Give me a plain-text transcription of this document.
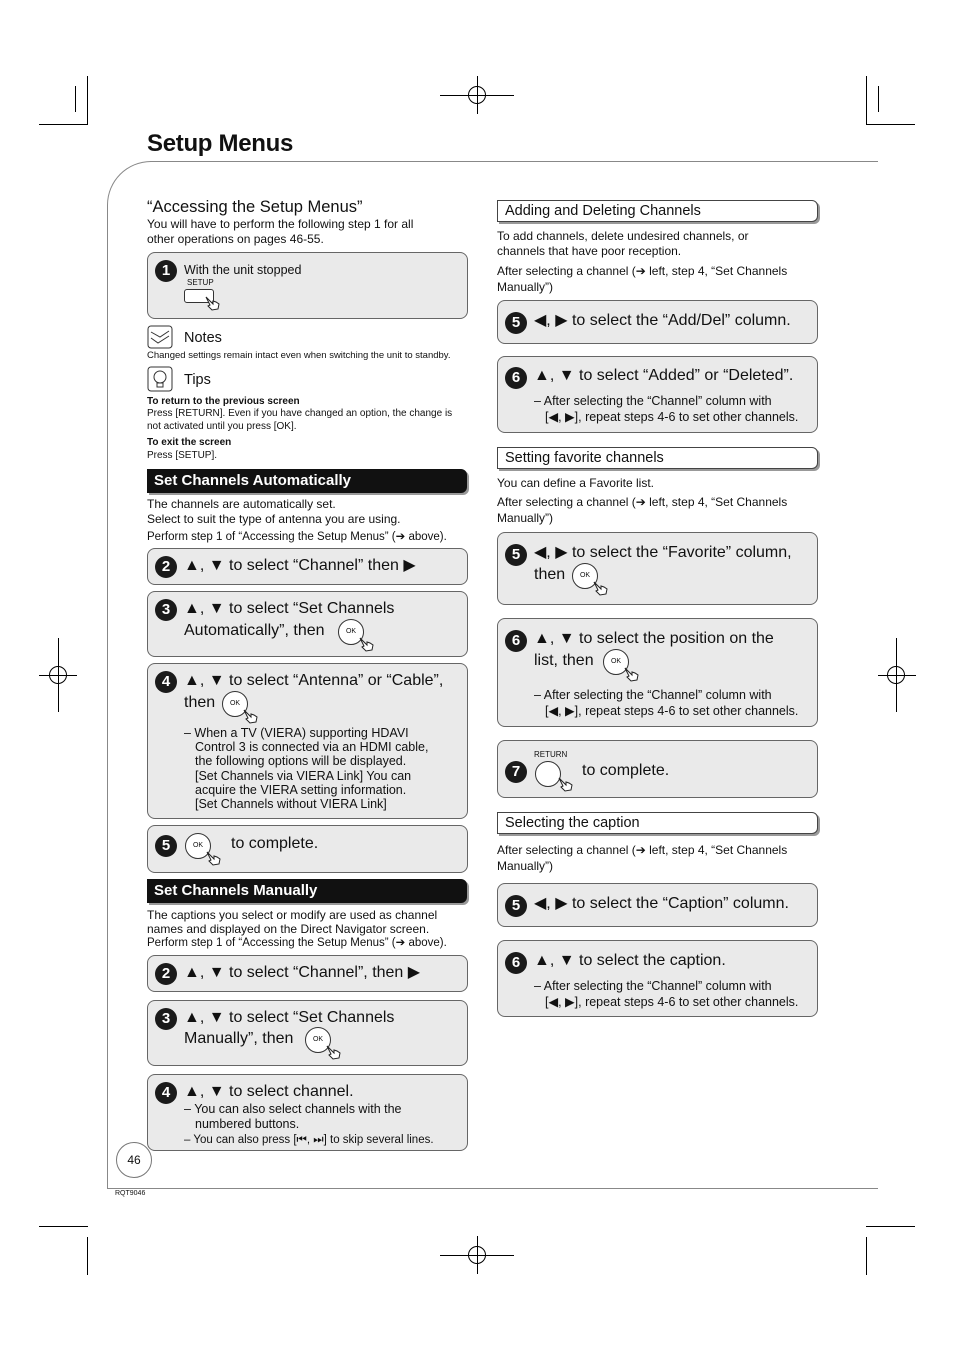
Setup Menus
“Accessing the Setup Menus”
You will have to perform the following step 1 for all
other operations on pages 46-55.
1	With the unit stopped
SETUP
Notes
Changed settings remain intact even when switching the unit to standby.
Tips
To return to the previous screen
Press [RETURN]. Even if you have changed an option, the change is
not activated until you press [OK].
To exit the screen
Press [SETUP].
Set Channels Automatically
The channels are automatically set.
Select to suit the type of antenna you are using.
Perform step 1 of “Accessing the Setup Menus” (➔ above).
2 ▲, ▼ to select “Channel” then ▶
3 ▲, ▼ to select “Set Channels
Automatically”, then	OK
4 ▲, ▼ to select “Antenna” or “Cable”,
then	OK
– When a TV (VIERA) supporting HDAVI
Control 3 is connected via an HDMI cable,
the following options will be displayed.
[Set Channels via VIERA Link] You can
acquire the VIERA setting information.
[Set Channels without VIERA Link]
5	OK	to complete.
Set Channels Manually
The captions you select or modify are used as channel
names and displayed on the Direct Navigator screen.
Perform step 1 of “Accessing the Setup Menus” (➔ above).
2 ▲, ▼ to select “Channel”, then ▶
3 ▲, ▼ to select “Set Channels
Manually”, then	OK
4 ▲, ▼ to select channel.
– You can also select channels with the
numbered buttons.
– You can also press [⏮, ⏭] to skip several lines.
46
RQT9046
Adding and Deleting Channels
To add channels, delete undesired channels, or
channels that have poor reception.
After selecting a channel (➔ left, step 4, “Set Channels
Manually”)
5 ◀, ▶ to select the “Add/Del” column.
6 ▲, ▼ to select “Added” or “Deleted”.
– After selecting the “Channel” column with
[◀, ▶], repeat steps 4-6 to set other channels.
Setting favorite channels
You can define a Favorite list.
After selecting a channel (➔ left, step 4, “Set Channels
Manually”)
5 ◀, ▶ to select the “Favorite” column,
then	OK
6 ▲, ▼ to select the position on the
list, then	OK
– After selecting the “Channel” column with
[◀, ▶], repeat steps 4-6 to set other channels.
7
RETURN
to complete.
Selecting the caption
After selecting a channel (➔ left, step 4, “Set Channels
Manually”)
5 ◀, ▶ to select the “Caption” column.
6 ▲, ▼ to select the caption.
– After selecting the “Channel” column with
[◀, ▶], repeat steps 4-6 to set other channels.
